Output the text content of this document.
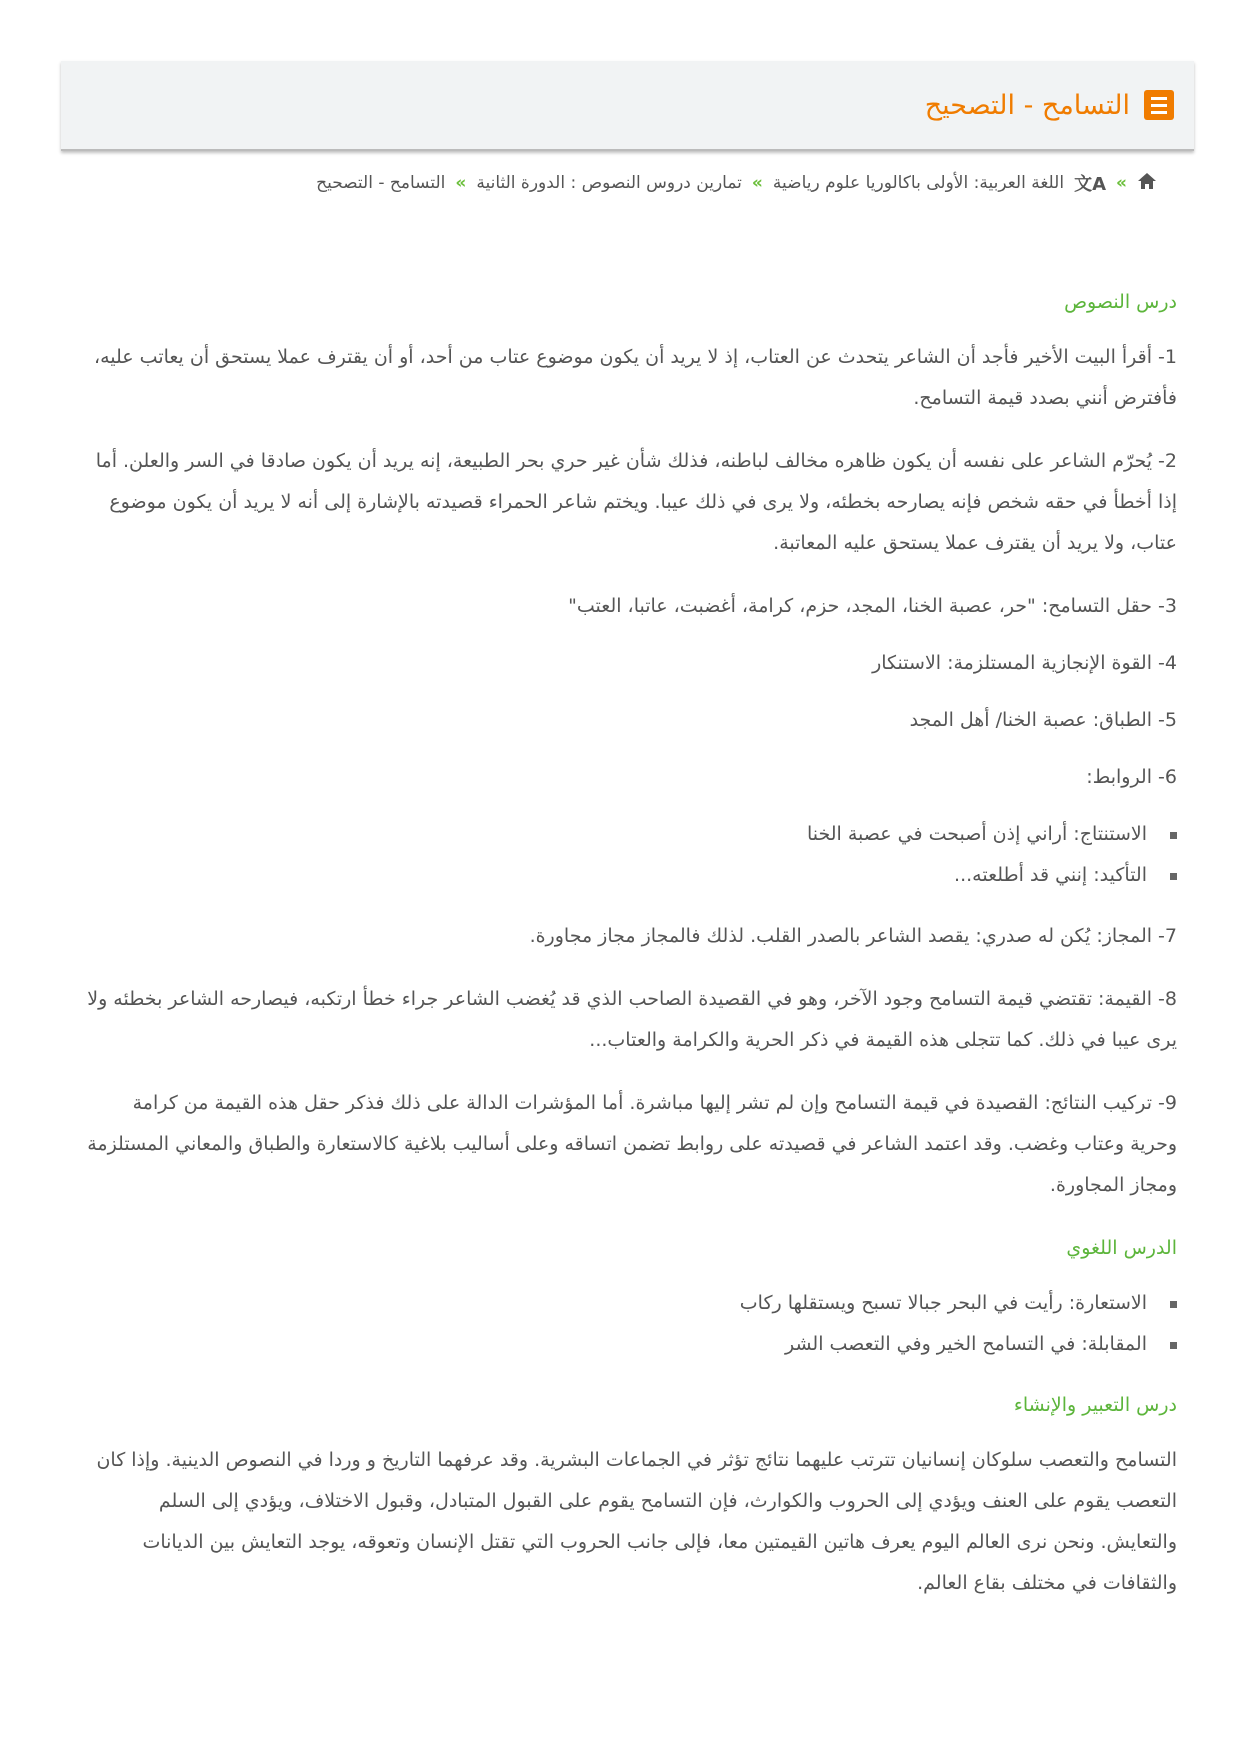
التسامح - التصحيح
»
文A
اللغة العربية: الأولى باكالوريا علوم رياضية
»
تمارين دروس النصوص : الدورة الثانية
»
التسامح - التصحيح
درس النصوص

1- أقرأ البيت الأخير فأجد أن الشاعر يتحدث عن العتاب، إذ لا يريد أن يكون موضوع عتاب من أحد، أو أن يقترف عملا يستحق أن يعاتب عليه، فأفترض أنني بصدد قيمة التسامح.

2- يُحرّم الشاعر على نفسه أن يكون ظاهره مخالف لباطنه، فذلك شأن غير حري بحر الطبيعة، إنه يريد أن يكون صادقا في السر والعلن. أما إذا أخطأ في حقه شخص فإنه يصارحه بخطئه، ولا يرى في ذلك عيبا. ويختم شاعر الحمراء قصيدته بالإشارة إلى أنه لا يريد أن يكون موضوع عتاب، ولا يريد أن يقترف عملا يستحق عليه المعاتبة.

3- حقل التسامح: "حر، عصبة الخنا، المجد، حزم، كرامة، أغضبت، عاتبا، العتب"

4- القوة الإنجازية المستلزمة: الاستنكار

5- الطباق: عصبة الخنا/ أهل المجد

6- الروابط:

الاستنتاج: أراني إذن أصبحت في عصبة الخنا
التأكيد: إنني قد أطلعته...

7- المجاز: يُكن له صدري: يقصد الشاعر بالصدر القلب. لذلك فالمجاز مجاز مجاورة.

8- القيمة: تقتضي قيمة التسامح وجود الآخر، وهو في القصيدة الصاحب الذي قد يُغضب الشاعر جراء خطأ ارتكبه، فيصارحه الشاعر بخطئه ولا يرى عيبا في ذلك. كما تتجلى هذه القيمة في ذكر الحرية والكرامة والعتاب...

9- تركيب النتائج: القصيدة في قيمة التسامح وإن لم تشر إليها مباشرة. أما المؤشرات الدالة على ذلك فذكر حقل هذه القيمة من كرامة وحرية وعتاب وغضب. وقد اعتمد الشاعر في قصيدته على روابط تضمن اتساقه وعلى أساليب بلاغية كالاستعارة والطباق والمعاني المستلزمة ومجاز المجاورة.

الدرس اللغوي
الاستعارة: رأيت في البحر جبالا تسبح ويستقلها ركاب
المقابلة: في التسامح الخير وفي التعصب الشر
درس التعبير والإنشاء

التسامح والتعصب سلوكان إنسانيان تترتب عليهما نتائج تؤثر في الجماعات البشرية. وقد عرفهما التاريخ و وردا في النصوص الدينية. وإذا كان التعصب يقوم على العنف ويؤدي إلى الحروب والكوارث، فإن التسامح يقوم على القبول المتبادل، وقبول الاختلاف، ويؤدي إلى السلم والتعايش. ونحن نرى العالم اليوم يعرف هاتين القيمتين معا، فإلى جانب الحروب التي تقتل الإنسان وتعوقه، يوجد التعايش بين الديانات والثقافات في مختلف بقاع العالم.
